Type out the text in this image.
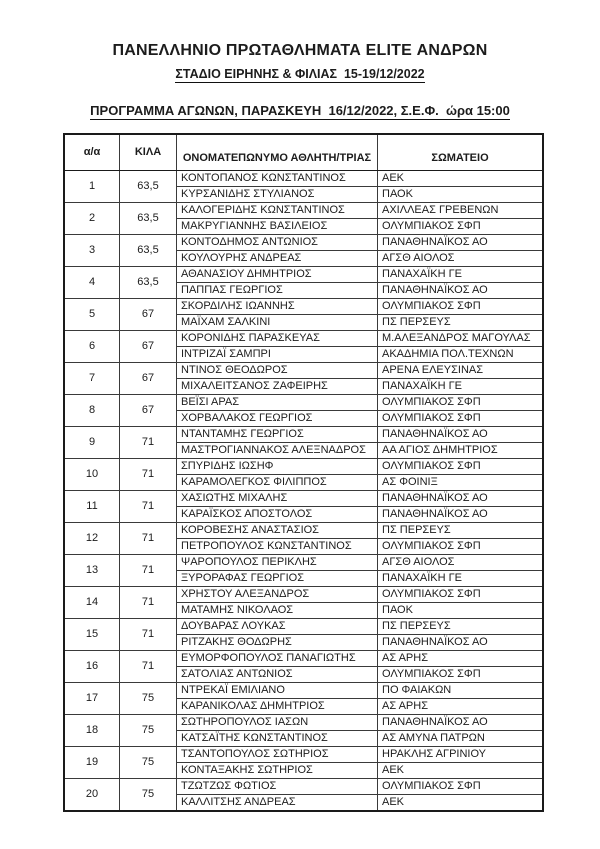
ΠΑΝΕΛΛΗΝΙΟ ΠΡΩΤΑΘΛΗΜΑΤΑ ELITE ΑΝΔΡΩΝ
ΣΤΑΔΙΟ ΕΙΡΗΝΗΣ & ΦΙΛΙΑΣ  15-19/12/2022
ΠΡΟΓΡΑΜΜΑ ΑΓΩΝΩΝ, ΠΑΡΑΣΚΕΥΗ  16/12/2022, Σ.Ε.Φ.  ώρα 15:00
α/α	ΚΙΛΑ	ΟΝΟΜΑΤΕΠΩΝΥΜΟ ΑΘΛΗΤΗ/ΤΡΙΑΣ	ΣΩΜΑΤΕΙΟ
1	63,5	ΚΟΝΤΟΠΑΝΟΣ ΚΩΝΣΤΑΝΤΙΝΟΣ	ΑΕΚ
		ΚΥΡΣΑΝΙΔΗΣ ΣΤΥΛΙΑΝΟΣ	ΠΑΟΚ
2	63,5	ΚΑΛΟΓΕΡΙΔΗΣ ΚΩΝΣΤΑΝΤΙΝΟΣ	ΑΧΙΛΛΕΑΣ ΓΡΕΒΕΝΩΝ
		ΜΑΚΡΥΓΙΑΝΝΗΣ ΒΑΣΙΛΕΙΟΣ	ΟΛΥΜΠΙΑΚΟΣ ΣΦΠ
3	63,5	ΚΟΝΤΟΔΗΜΟΣ ΑΝΤΩΝΙΟΣ	ΠΑΝΑΘΗΝΑΪΚΟΣ ΑΟ
		ΚΟΥΛΟΥΡΗΣ ΑΝΔΡΕΑΣ	ΑΓΣΘ ΑΙΟΛΟΣ
4	63,5	ΑΘΑΝΑΣΙΟΥ ΔΗΜΗΤΡΙΟΣ	ΠΑΝΑΧΑΪΚΗ ΓΕ
		ΠΑΠΠΑΣ ΓΕΩΡΓΙΟΣ	ΠΑΝΑΘΗΝΑΪΚΟΣ ΑΟ
5	67	ΣΚΟΡΔΙΛΗΣ ΙΩΑΝΝΗΣ	ΟΛΥΜΠΙΑΚΟΣ ΣΦΠ
		ΜΑΪΧΑΜ ΣΑΛΚΙΝΙ	ΠΣ ΠΕΡΣΕΥΣ
6	67	ΚΟΡΟΝΙΔΗΣ ΠΑΡΑΣΚΕΥΑΣ	Μ.ΑΛΕΞΑΝΔΡΟΣ ΜΑΓΟΥΛΑΣ
		ΙΝΤΡΙΖΑΪ ΣΑΜΠΡΙ	ΑΚΑΔΗΜΙΑ ΠΟΛ.ΤΕΧΝΩΝ
7	67	ΝΤΙΝΟΣ ΘΕΟΔΩΡΟΣ	ΑΡΕΝΑ ΕΛΕΥΣΙΝΑΣ
		ΜΙΧΑΛΕΙΤΣΑΝΟΣ ΖΑΦΕΙΡΗΣ	ΠΑΝΑΧΑΪΚΗ ΓΕ
8	67	ΒΕΪΣΙ ΑΡΑΣ	ΟΛΥΜΠΙΑΚΟΣ ΣΦΠ
		ΧΟΡΒΑΛΑΚΟΣ ΓΕΩΡΓΙΟΣ	ΟΛΥΜΠΙΑΚΟΣ ΣΦΠ
9	71	ΝΤΑΝΤΑΜΗΣ ΓΕΩΡΓΙΟΣ	ΠΑΝΑΘΗΝΑΪΚΟΣ ΑΟ
		ΜΑΣΤΡΟΓΙΑΝΝΑΚΟΣ ΑΛΕΞΝΑΔΡΟΣ	ΑΑ ΑΓΙΟΣ ΔΗΜΗΤΡΙΟΣ
10	71	ΣΠΥΡΙΔΗΣ ΙΩΣΗΦ	ΟΛΥΜΠΙΑΚΟΣ ΣΦΠ
		ΚΑΡΑΜΟΛΕΓΚΟΣ ΦΙΛΙΠΠΟΣ	ΑΣ ΦΟΙΝΙΞ
11	71	ΧΑΣΙΩΤΗΣ ΜΙΧΑΛΗΣ	ΠΑΝΑΘΗΝΑΪΚΟΣ ΑΟ
		ΚΑΡΑΪΣΚΟΣ ΑΠΟΣΤΟΛΟΣ	ΠΑΝΑΘΗΝΑΪΚΟΣ ΑΟ
12	71	ΚΟΡΟΒΕΣΗΣ ΑΝΑΣΤΑΣΙΟΣ	ΠΣ ΠΕΡΣΕΥΣ
		ΠΕΤΡΟΠΟΥΛΟΣ ΚΩΝΣΤΑΝΤΙΝΟΣ	ΟΛΥΜΠΙΑΚΟΣ ΣΦΠ
13	71	ΨΑΡΟΠΟΥΛΟΣ ΠΕΡΙΚΛΗΣ	ΑΓΣΘ ΑΙΟΛΟΣ
		ΞΥΡΟΡΑΦΑΣ ΓΕΩΡΓΙΟΣ	ΠΑΝΑΧΑΪΚΗ ΓΕ
14	71	ΧΡΗΣΤΟΥ ΑΛΕΞΑΝΔΡΟΣ	ΟΛΥΜΠΙΑΚΟΣ ΣΦΠ
		ΜΑΤΑΜΗΣ ΝΙΚΟΛΑΟΣ	ΠΑΟΚ
15	71	ΔΟΥΒΑΡΑΣ ΛΟΥΚΑΣ	ΠΣ ΠΕΡΣΕΥΣ
		ΡΙΤΖΑΚΗΣ ΘΟΔΩΡΗΣ	ΠΑΝΑΘΗΝΑΪΚΟΣ ΑΟ
16	71	ΕΥΜΟΡΦΟΠΟΥΛΟΣ ΠΑΝΑΓΙΩΤΗΣ	ΑΣ ΑΡΗΣ
		ΣΑΤΟΛΙΑΣ ΑΝΤΩΝΙΟΣ	ΟΛΥΜΠΙΑΚΟΣ ΣΦΠ
17	75	ΝΤΡΕΚΑΪ ΕΜΙΛΙΑΝΟ	ΠΟ ΦΑΙΑΚΩΝ
		ΚΑΡΑΝΙΚΟΛΑΣ ΔΗΜΗΤΡΙΟΣ	ΑΣ ΑΡΗΣ
18	75	ΣΩΤΗΡΟΠΟΥΛΟΣ ΙΑΣΩΝ	ΠΑΝΑΘΗΝΑΪΚΟΣ ΑΟ
		ΚΑΤΣΑΪΤΗΣ ΚΩΝΣΤΑΝΤΙΝΟΣ	ΑΣ ΑΜΥΝΑ ΠΑΤΡΩΝ
19	75	ΤΣΑΝΤΟΠΟΥΛΟΣ ΣΩΤΗΡΙΟΣ	ΗΡΑΚΛΗΣ ΑΓΡΙΝΙΟΥ
		ΚΟΝΤΑΞΑΚΗΣ ΣΩΤΗΡΙΟΣ	ΑΕΚ
20	75	ΤΖΩΤΖΩΣ ΦΩΤΙΟΣ	ΟΛΥΜΠΙΑΚΟΣ ΣΦΠ
		ΚΑΛΛΙΤΣΗΣ ΑΝΔΡΕΑΣ	ΑΕΚ
